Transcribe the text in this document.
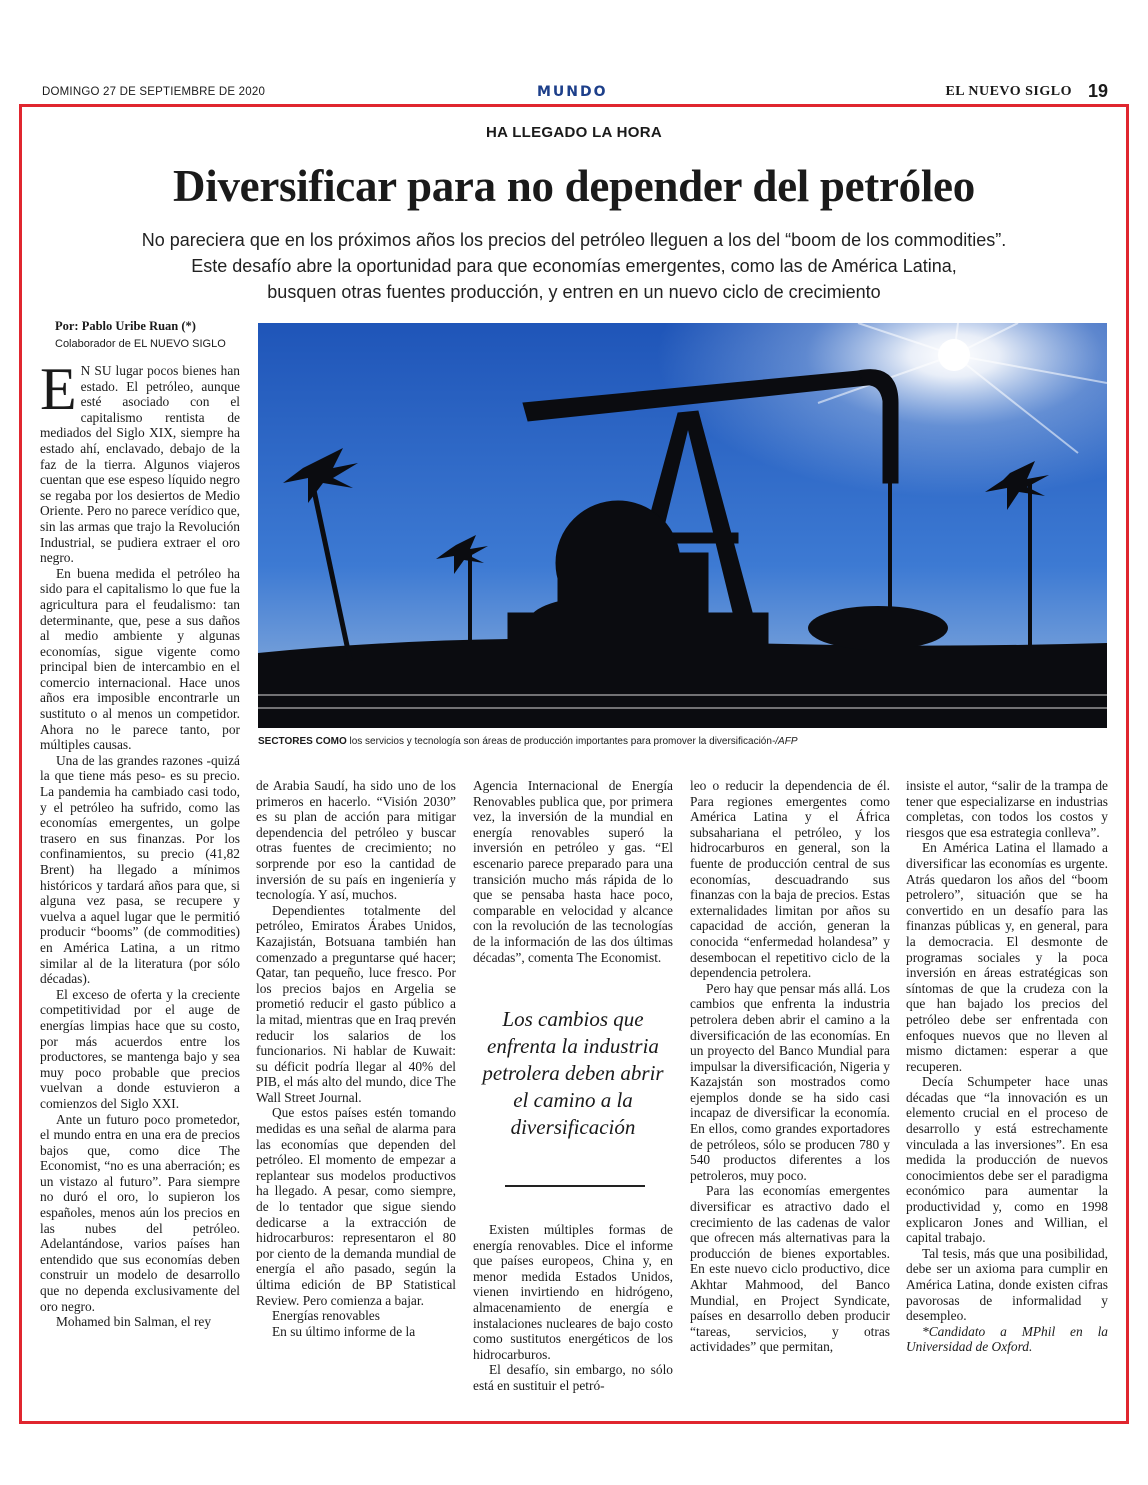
DOMINGO 27 DE SEPTIEMBRE DE 2020	MUNDO	EL NUEVO SIGLO 19
HA LLEGADO LA HORA
Diversificar para no depender del petróleo
No pareciera que en los próximos años los precios del petróleo lleguen a los del “boom de los commodities”.
Este desafío abre la oportunidad para que economías emergentes, como las de América Latina,
busquen otras fuentes producción, y entren en un nuevo ciclo de crecimiento
Por: Pablo Uribe Ruan (*)
Colaborador de EL NUEVO SIGLO
SECTORES COMO los servicios y tecnología son áreas de producción importantes para promover la diversificación-/AFP

E N SU lugar pocos bienes han estado. El petróleo, aunque esté asociado con el capitalismo rentista de mediados del Siglo XIX, siempre ha estado ahí, enclavado, debajo de la faz de la tierra. Algunos viajeros cuentan que ese espeso líquido negro se regaba por los desiertos de Medio Oriente. Pero no parece verídico que, sin las armas que trajo la Revolución Industrial, se pudiera extraer el oro negro.

En buena medida el petróleo ha sido para el capitalismo lo que fue la agricultura para el feudalismo: tan determinante, que, pese a sus daños al medio ambiente y algunas economías, sigue vigente como principal bien de intercambio en el comercio internacional. Hace unos años era imposible encontrarle un sustituto o al menos un competidor. Ahora no le parece tanto, por múltiples causas.

Una de las grandes razones -quizá la que tiene más peso- es su precio. La pandemia ha cambiado casi todo, y el petróleo ha sufrido, como las economías emergentes, un golpe trasero en sus finanzas. Por los confinamientos, su precio (41,82 Brent) ha llegado a mínimos históricos y tardará años para que, si alguna vez pasa, se recupere y vuelva a aquel lugar que le permitió producir “booms” (de commodities) en América Latina, a un ritmo similar al de la literatura (por sólo décadas).

El exceso de oferta y la creciente competitividad por el auge de energías limpias hace que su costo, por más acuerdos entre los productores, se mantenga bajo y sea muy poco probable que precios vuelvan a donde estuvieron a comienzos del Siglo XXI.

Ante un futuro poco prometedor, el mundo entra en una era de precios bajos que, como dice The Economist, “no es una aberración; es un vistazo al futuro”. Para siempre no duró el oro, lo supieron los españoles, menos aún los precios en las nubes del petróleo. Adelantándose, varios países han entendido que sus economías deben construir un modelo de desarrollo que no dependa exclusivamente del oro negro.

Mohamed bin Salman, el rey

de Arabia Saudí, ha sido uno de los primeros en hacerlo. “Visión 2030” es su plan de acción para mitigar dependencia del petróleo y buscar otras fuentes de crecimiento; no sorprende por eso la cantidad de inversión de su país en ingeniería y tecnología. Y así, muchos.

Dependientes totalmente del petróleo, Emiratos Árabes Unidos, Kazajistán, Botsuana también han comenzado a preguntarse qué hacer; Qatar, tan pequeño, luce fresco. Por los precios bajos en Argelia se prometió reducir el gasto público a la mitad, mientras que en Iraq prevén reducir los salarios de los funcionarios. Ni hablar de Kuwait: su déficit podría llegar al 40% del PIB, el más alto del mundo, dice The Wall Street Journal.

Que estos países estén tomando medidas es una señal de alarma para las economías que dependen del petróleo. El momento de empezar a replantear sus modelos productivos ha llegado. A pesar, como siempre, de lo tentador que sigue siendo dedicarse a la extracción de hidrocarburos: representaron el 80 por ciento de la demanda mundial de energía el año pasado, según la última edición de BP Statistical Review. Pero comienza a bajar.

Energías renovables

En su último informe de la

Agencia Internacional de Energía Renovables publica que, por primera vez, la inversión de la mundial en energía renovables superó la inversión en petróleo y gas. “El escenario parece preparado para una transición mucho más rápida de lo que se pensaba hasta hace poco, comparable en velocidad y alcance con la revolución de las tecnologías de la información de las dos últimas décadas”, comenta The Economist.

Los cambios que enfrenta la industria petrolera deben abrir el camino a la diversificación

Existen múltiples formas de energía renovables. Dice el informe que países europeos, China y, en menor medida Estados Unidos, vienen invirtiendo en hidrógeno, almacenamiento de energía e instalaciones nucleares de bajo costo como sustitutos energéticos de los hidrocarburos.

El desafío, sin embargo, no sólo está en sustituir el petró-

leo o reducir la dependencia de él. Para regiones emergentes como América Latina y el África subsahariana el petróleo, y los hidrocarburos en general, son la fuente de producción central de sus economías, descuadrando sus finanzas con la baja de precios. Estas externalidades limitan por años su capacidad de acción, generan la conocida “enfermedad holandesa” y desembocan el repetitivo ciclo de la dependencia petrolera.

Pero hay que pensar más allá. Los cambios que enfrenta la industria petrolera deben abrir el camino a la diversificación de las economías. En un proyecto del Banco Mundial para impulsar la diversificación, Nigeria y Kazajstán son mostrados como ejemplos donde se ha sido casi incapaz de diversificar la economía. En ellos, como grandes exportadores de petróleos, sólo se producen 780 y 540 productos diferentes a los petroleros, muy poco.

Para las economías emergentes diversificar es atractivo dado el crecimiento de las cadenas de valor que ofrecen más alternativas para la producción de bienes exportables. En este nuevo ciclo productivo, dice Akhtar Mahmood, del Banco Mundial, en Project Syndicate, países en desarrollo deben producir “tareas, servicios, y otras actividades” que permitan,

insiste el autor, “salir de la trampa de tener que especializarse en industrias completas, con todos los costos y riesgos que esa estrategia conlleva”.

En América Latina el llamado a diversificar las economías es urgente. Atrás quedaron los años del “boom petrolero”, situación que se ha convertido en un desafío para las finanzas públicas y, en general, para la democracia. El desmonte de programas sociales y la poca inversión en áreas estratégicas son síntomas de que la crudeza con la que han bajado los precios del petróleo debe ser enfrentada con enfoques nuevos que no lleven al mismo dictamen: esperar a que recuperen.

Decía Schumpeter hace unas décadas que “la innovación es un elemento crucial en el proceso de desarrollo y está estrechamente vinculada a las inversiones”. En esa medida la producción de nuevos conocimientos debe ser el paradigma económico para aumentar la productividad y, como en 1998 explicaron Jones and Willian, el capital trabajo.

Tal tesis, más que una posibilidad, debe ser un axioma para cumplir en América Latina, donde existen cifras pavorosas de informalidad y desempleo.

*Candidato a MPhil en la Universidad de Oxford.
